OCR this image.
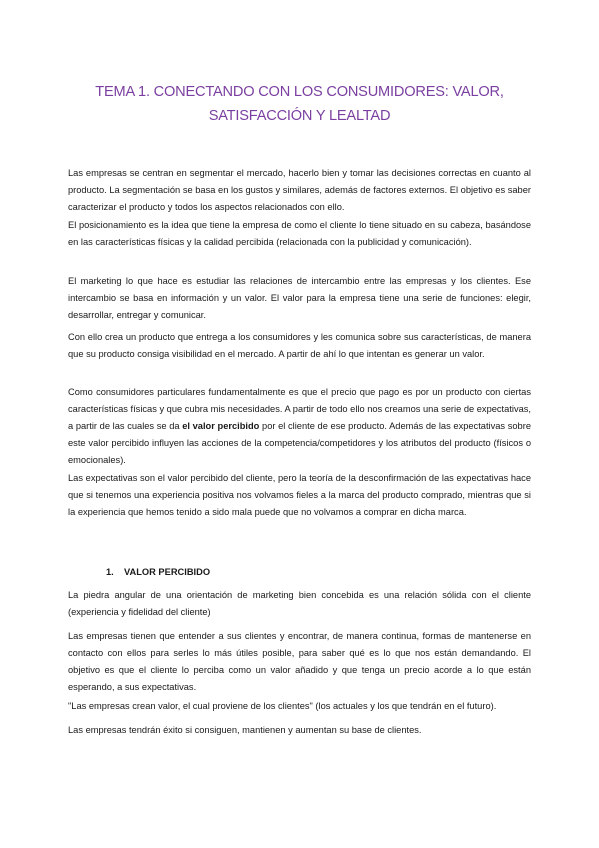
TEMA 1. CONECTANDO CON LOS CONSUMIDORES: VALOR,
SATISFACCIÓN Y LEALTAD

Las empresas se centran en segmentar el mercado, hacerlo bien y tomar las decisiones correctas en cuanto al producto. La segmentación se basa en los gustos y similares, además de factores externos. El objetivo es saber caracterizar el producto y todos los aspectos relacionados con ello.

El posicionamiento es la idea que tiene la empresa de como el cliente lo tiene situado en su cabeza, basándose en las características físicas y la calidad percibida (relacionada con la publicidad y comunicación).

El marketing lo que hace es estudiar las relaciones de intercambio entre las empresas y los clientes. Ese intercambio se basa en información y un valor. El valor para la empresa tiene una serie de funciones: elegir, desarrollar, entregar y comunicar.

Con ello crea un producto que entrega a los consumidores y les comunica sobre sus características, de manera que su producto consiga visibilidad en el mercado. A partir de ahí lo que intentan es generar un valor.

Como consumidores particulares fundamentalmente es que el precio que pago es por un producto con ciertas características físicas y que cubra mis necesidades. A partir de todo ello nos creamos una serie de expectativas, a partir de las cuales se da el valor percibido por el cliente de ese producto. Además de las expectativas sobre este valor percibido influyen las acciones de la competencia/competidores y los atributos del producto (físicos o emocionales).

Las expectativas son el valor percibido del cliente, pero la teoría de la desconfirmación de las expectativas hace que si tenemos una experiencia positiva nos volvamos fieles a la marca del producto comprado, mientras que si la experiencia que hemos tenido a sido mala puede que no volvamos a comprar en dicha marca.

1. VALOR PERCIBIDO

La piedra angular de una orientación de marketing bien concebida es una relación sólida con el cliente (experiencia y fidelidad del cliente)

Las empresas tienen que entender a sus clientes y encontrar, de manera continua, formas de mantenerse en contacto con ellos para serles lo más útiles posible, para saber qué es lo que nos están demandando. El objetivo es que el cliente lo perciba como un valor añadido y que tenga un precio acorde a lo que están esperando, a sus expectativas.

"Las empresas crean valor, el cual proviene de los clientes" (los actuales y los que tendrán en el futuro).

Las empresas tendrán éxito si consiguen, mantienen y aumentan su base de clientes.
